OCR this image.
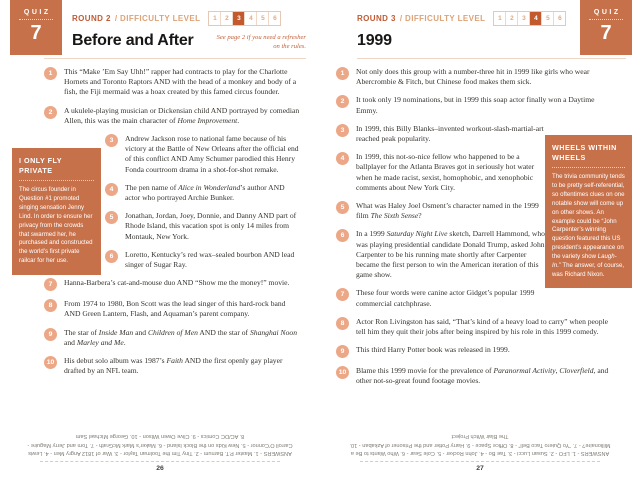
QUIZ
7
ROUND 2 / DIFFICULTY LEVEL	1	2	3	4	5	6
Before and After	See page 2 if you need a refresher on the rules.
1	This “Make ’Em Say Uhh!” rapper had contracts to play for the Charlotte Hornets and Toronto Raptors AND with the head of a monkey and body of a fish, the Fiji mermaid was a hoax created by this famed circus founder.

2	A ukulele-playing musician or Dickensian child AND portrayed by comedian Allen, this was the main character of Home Improvement.

3	Andrew Jackson rose to national fame because of his victory at the Battle of New Orleans after the official end of this conflict AND Amy Schumer parodied this Henry Fonda courtroom drama in a shot-for-shot remake.

4	The pen name of Alice in Wonderland’s author AND actor who portrayed Archie Bunker.

5	Jonathan, Jordan, Joey, Donnie, and Danny AND part of Rhode Island, this vacation spot is only 14 miles from Montauk, New York.

6	Loretto, Kentucky’s red wax–sealed bourbon AND lead singer of Sugar Ray.

7	Hanna-Barbera’s cat-and-mouse duo AND “Show me the money!” movie.

8	From 1974 to 1980, Bon Scott was the lead singer of this hard-rock band AND Green Lantern, Flash, and Aquaman’s parent company.

9	The star of Inside Man and Children of Men AND the star of Shanghai Noon and Marley and Me.

10	His debut solo album was 1987’s Faith AND the first openly gay player drafted by an NFL team.

I ONLY FLY PRIVATE
The circus founder in Question #1 promoted singing sensation Jenny Lind. In order to ensure her privacy from the crowds that swarmed her, he purchased and constructed the world’s first private railcar for her use.
ANSWERS - 1. Master P.T. Barnum - 2. Tiny Tim the Toolman Taylor - 3. War of 1812 Angry Men - 4. Lewis Carroll O’Connor - 5. New Kids on the Block Island - 6. Maker’s Mark McGrath - 7. Tom and Jerry Maguire - 8. AC/DC Comics - 9. Clive Owen Wilson - 10. George Michael Sam
26
QUIZ
7
ROUND 3 / DIFFICULTY LEVEL	1	2	3	4	5	6
1999
1	Not only does this group with a number-three hit in 1999 like girls who wear Abercrombie & Fitch, but Chinese food makes them sick.

2	It took only 19 nominations, but in 1999 this soap actor finally won a Daytime Emmy.

3	In 1999, this Billy Blanks–invented workout-slash-martial-art reached peak popularity.

4	In 1999, this not-so-nice fellow who happened to be a ballplayer for the Atlanta Braves got in seriously hot water when he made racist, sexist, homophobic, and xenophobic comments about New York City.

5	What was Haley Joel Osment’s character named in the 1999 film The Sixth Sense?

6	In a 1999 Saturday Night Live sketch, Darrell Hammond, who was playing presidential candidate Donald Trump, asked John Carpenter to be his running mate shortly after Carpenter became the first person to win the American iteration of this game show.

7	These four words were canine actor Gidget’s popular 1999 commercial catchphrase.

8	Actor Ron Livingston has said, “That’s kind of a heavy load to carry” when people tell him they quit their jobs after being inspired by his role in this 1999 comedy.

9	This third Harry Potter book was released in 1999.

10	Blame this 1999 movie for the prevalence of Paranormal Activity, Cloverfield, and other not-so-great found footage movies.

WHEELS WITHIN WHEELS
The trivia community tends to be pretty self-referential, so oftentimes clues on one notable show will come up on other shows. An example could be “John Carpenter’s winning question featured this US president’s appearance on the variety show Laugh-In.” The answer, of course, was Richard Nixon.
ANSWERS - 1. LFO - 2. Susan Lucci - 3. Tae Bo - 4. John Rocker - 5. Cole Sear - 6. Who Wants to Be a Millionaire? - 7. “Yo Quiero Taco Bell” - 8. Office Space - 9. Harry Potter and the Prisoner of Azkaban - 10. The Blair Witch Project
27
